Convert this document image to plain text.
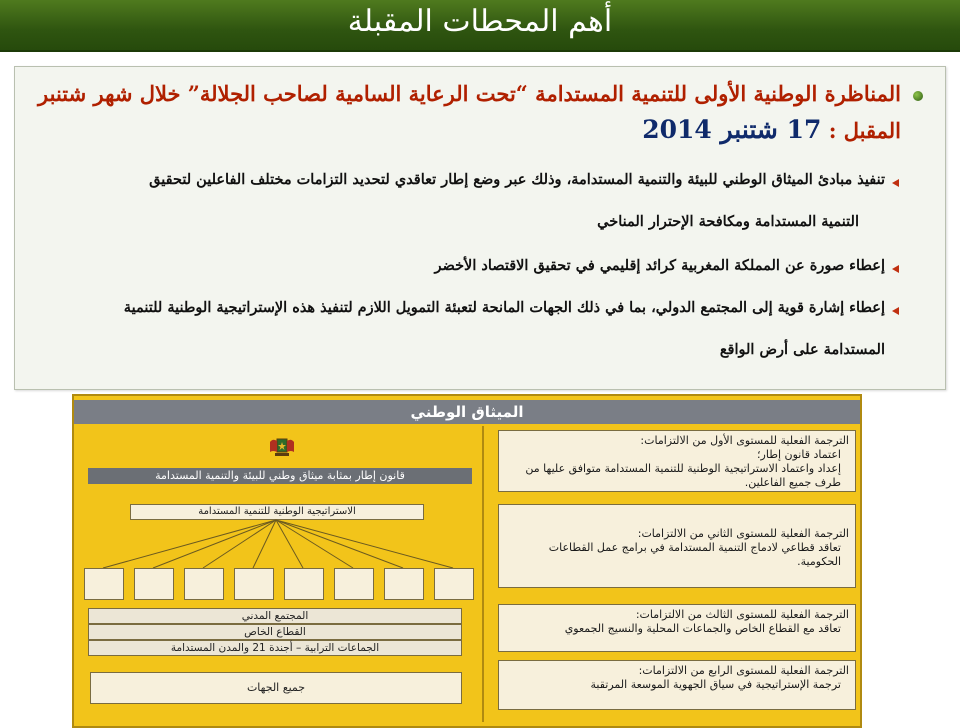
أهم المحطات المقبلة
المناظرة الوطنية الأولى للتنمية المستدامة “تحت الرعاية السامية لصاحب الجلالة” خلال شهر شتنبر
المقبل : 17 شتنبر 2014
تنفيذ مبادئ الميثاق الوطني للبيئة والتنمية المستدامة، وذلك عبر وضع إطار تعاقدي لتحديد التزامات مختلف الفاعلين لتحقيق
التنمية المستدامة ومكافحة الإحترار المناخي
إعطاء صورة عن المملكة المغربية كرائد إقليمي في تحقيق الاقتصاد الأخضر
إعطاء إشارة قوية إلى المجتمع الدولي، بما في ذلك الجهات المانحة لتعبئة التمويل اللازم لتنفيذ هذه الإستراتيجية الوطنية للتنمية
المستدامة على أرض الواقع
الميثاق الوطني
قانون إطار بمثابة ميثاق وطني للبيئة والتنمية المستدامة
الاستراتيجية الوطنية للتنمية المستدامة
المجتمع المدني
القطاع الخاص
الجماعات الترابية – أجندة 21 والمدن المستدامة
جميع الجهات
الترجمة الفعلية للمستوى الأول من الالتزامات:
اعتماد قانون إطار؛
إعداد واعتماد الاستراتيجية الوطنية للتنمية المستدامة متوافق عليها من طرف جميع الفاعلين.
الترجمة الفعلية للمستوى الثاني من الالتزامات:
تعاقد قطاعي لادماج التنمية المستدامة في برامج عمل القطاعات الحكومية.
الترجمة الفعلية للمستوى الثالث من الالتزامات:
تعاقد مع القطاع الخاص والجماعات المحلية والنسيج الجمعوي
الترجمة الفعلية للمستوى الرابع من الالتزامات:
ترجمة الإستراتيجية في سياق الجهوية الموسعة المرتقبة
